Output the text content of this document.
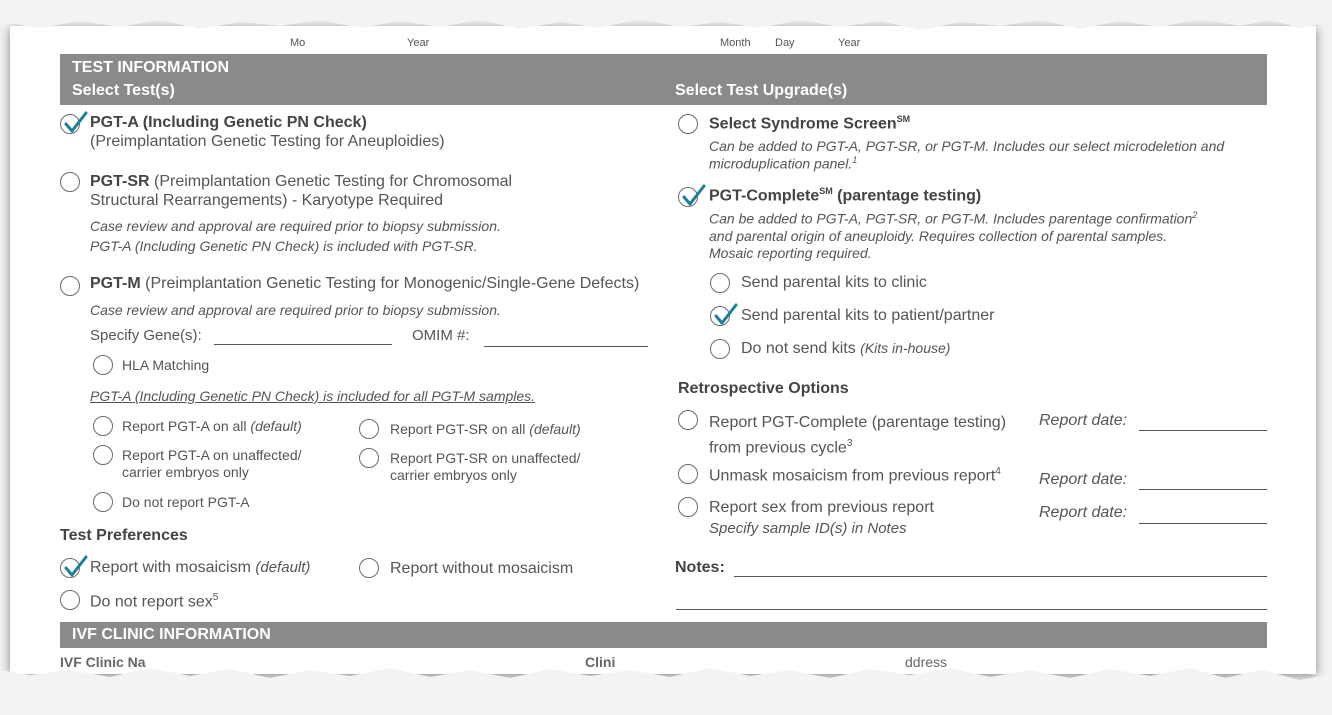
Mo	Year	Month Day	Year
TEST INFORMATION
Select Test(s)	Select Test Upgrade(s)
PGT-A (Including Genetic PN Check)
(Preimplantation Genetic Testing for Aneuploidies)
PGT-SR (Preimplantation Genetic Testing for Chromosomal
Structural Rearrangements) - Karyotype Required
Case review and approval are required prior to biopsy submission.
PGT-A (Including Genetic PN Check) is included with PGT-SR.
PGT-M (Preimplantation Genetic Testing for Monogenic/Single-Gene Defects)
Case review and approval are required prior to biopsy submission.
Specify Gene(s):	OMIM #:
HLA Matching
PGT-A (Including Genetic PN Check) is included for all PGT-M samples.
Report PGT-A on all (default)
Report PGT-A on unaffected/
carrier embryos only
Do not report PGT-A
Report PGT-SR on all (default)
Report PGT-SR on unaffected/
carrier embryos only
Test Preferences
Report with mosaicism (default)	Report without mosaicism
Do not report sex$^5$
Select Syndrome Screen℠
Can be added to PGT-A, PGT-SR, or PGT-M. Includes our select microdeletion and
microduplication panel.$^1$
PGT-Complete℠ (parentage testing)
Can be added to PGT-A, PGT-SR, or PGT-M. Includes parentage confirmation$^2$
and parental origin of aneuploidy. Requires collection of parental samples.
Mosaic reporting required.
Send parental kits to clinic
Send parental kits to patient/partner
Do not send kits (Kits in-house)
Retrospective Options
Report PGT-Complete (parentage testing)
from previous cycle$^3$
Report date:
Unmask mosaicism from previous report$^4$ Report date:
Report sex from previous report
Specify sample ID(s) in Notes
Report date:
Notes:
IVF CLINIC INFORMATION
IVF Clinic Na	Clini	ddress
